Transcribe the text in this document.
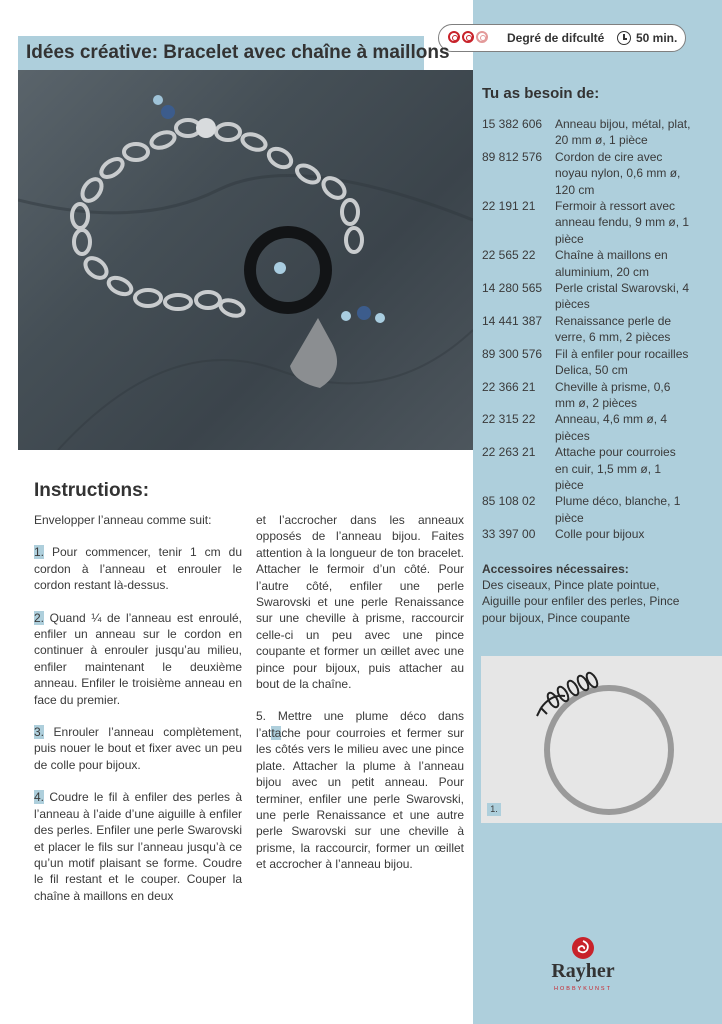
Degré de difculté	50 min.
Idées créative: Bracelet avec chaîne à maillons
Instructions:

Envelopper l’anneau comme suit:

1. Pour commencer, tenir 1 cm du cordon à l’anneau et enrouler le cordon restant là-dessus.

2. Quand ¼ de l’anneau est enroulé, enfiler un anneau sur le cordon en continuer à enrouler jusqu’au milieu, enfiler maintenant le deuxième anneau. Enfiler le troisième anneau en face du premier.

3. Enrouler l’anneau complètement, puis nouer le bout et fixer avec un peu de colle pour bijoux.

4. Coudre le fil à enfiler des perles à l’anneau à l’aide d’une aiguille à enfiler des perles. Enfiler une perle Swarovski et placer le fils sur l’anneau jusqu’à ce qu’un motif plaisant se forme. Coudre le fil restant et le couper. Couper la chaîne à maillons en deux

et l’accrocher dans les anneaux opposés de l’anneau bijou. Faites attention à la longueur de ton bracelet. Attacher le fermoir d’un côté. Pour l’autre côté, enfiler une perle Swarovski et une perle Renaissance sur une cheville à prisme, raccourcir celle-ci un peu avec une pince coupante et former un œillet avec une pince pour bijoux, puis attacher au bout de la chaîne.

5. Mettre une plume déco dans l’attache pour courroies et fermer sur les côtés vers le milieu avec une pince plate. Attacher la plume à l’anneau bijou avec un petit anneau. Pour terminer, enfiler une perle Swarovski, une perle Renaissance et une autre perle Swarovski sur une cheville à prisme, la raccourcir, former un œillet et accrocher à l’anneau bijou.

Tu as besoin de:
15 382 606	Anneau bijou, métal, plat, 20 mm ø, 1 pièce
89 812 576	Cordon de cire avec noyau nylon, 0,6 mm ø, 120 cm
22 191 21	Fermoir à ressort avec anneau fendu, 9 mm ø, 1 pièce
22 565 22	Chaîne à maillons en aluminium, 20 cm
14 280 565	Perle cristal Swarovski, 4 pièces
14 441 387	Renaissance perle de verre, 6 mm, 2 pièces
89 300 576	Fil à enfiler pour rocailles Delica, 50 cm
22 366 21	Cheville à prisme, 0,6 mm ø, 2 pièces
22 315 22	Anneau, 4,6 mm ø, 4 pièces
22 263 21	Attache pour courroies en cuir, 1,5 mm ø, 1 pièce
85 108 02	Plume déco, blanche, 1 pièce
33 397 00	Colle pour bijoux
Accessoires nécessaires:
Des ciseaux, Pince plate pointue, Aiguille pour enfiler des perles, Pince pour bijoux, Pince coupante
1.
Rayher
HOBBYKUNST
